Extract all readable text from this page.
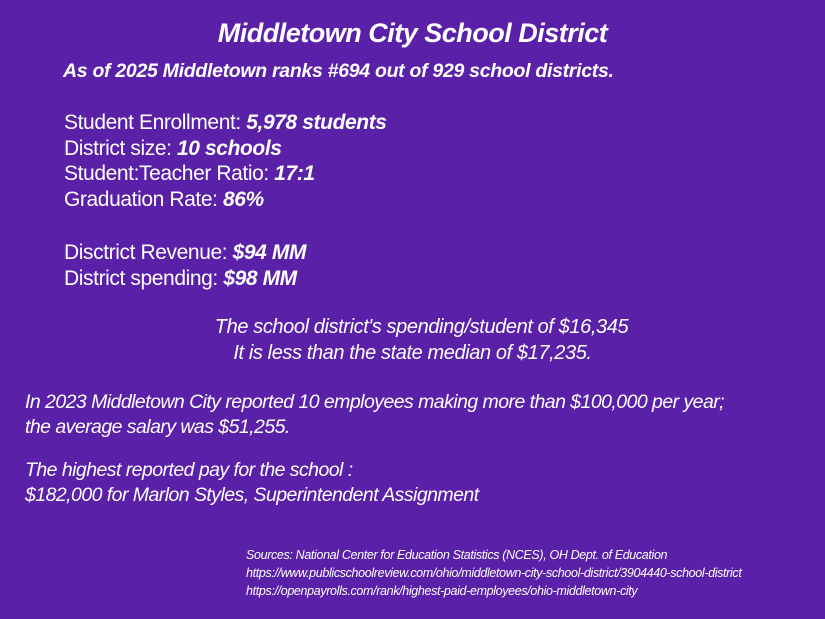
Middletown City School District
As of 2025 Middletown ranks #694 out of 929 school districts.
Student Enrollment: 5,978 students
District size: 10 schools
Student:Teacher Ratio: 17:1
Graduation Rate: 86%
Disctrict Revenue: $94 MM
District spending: $98 MM
The school district's spending/student of $16,345
It is less than the state median of $17,235.
In 2023 Middletown City reported 10 employees making more than $100,000 per year;
the average salary was $51,255.
The highest reported pay for the school :
$182,000 for Marlon Styles, Superintendent Assignment
Sources: National Center for Education Statistics (NCES), OH Dept. of Education
https://www.publicschoolreview.com/ohio/middletown-city-school-district/3904440-school-district
https://openpayrolls.com/rank/highest-paid-employees/ohio-middletown-city
